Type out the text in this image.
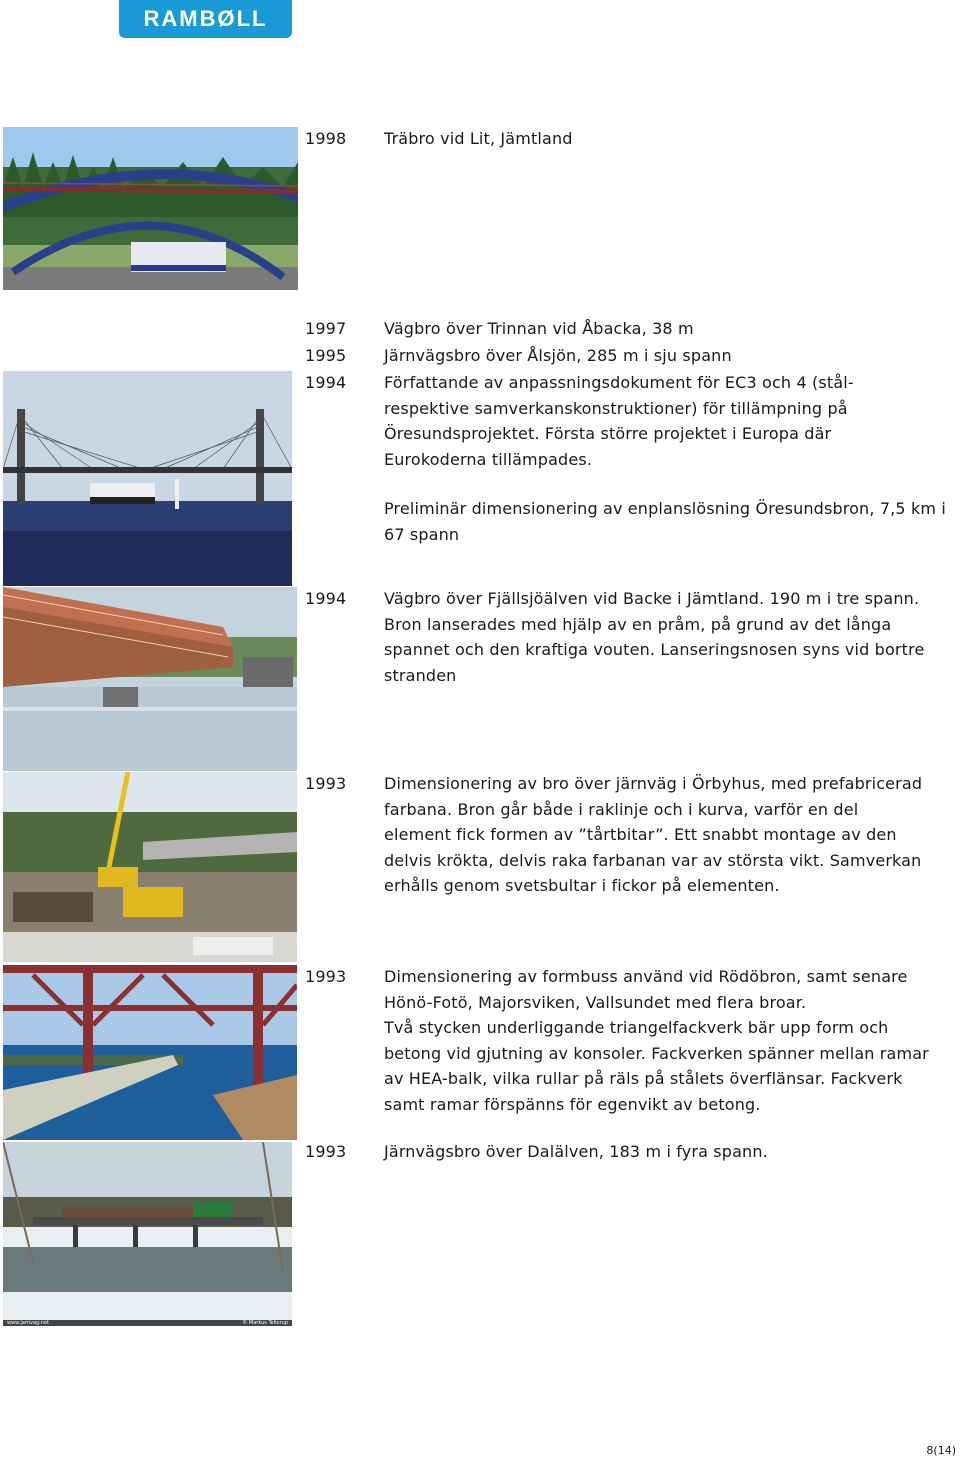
RAMBØLL
www.jarnvag.net	© Markus Tellerup
1998	Träbro vid Lit, Jämtland
1997	Vägbro över Trinnan vid Åbacka, 38 m
1995	Järnvägsbro över Ålsjön, 285 m i sju spann
1994	Författande av anpassningsdokument för EC3 och 4 (stål- respektive samverkanskonstruktioner) för tillämpning på Öresundsprojektet. Första större projektet i Europa där Eurokoderna tillämpades.
Preliminär dimensionering av enplanslösning Öresundsbron, 7,5 km i 67 spann
1994	Vägbro över Fjällsjöälven vid Backe i Jämtland. 190 m i tre spann. Bron lanserades med hjälp av en pråm, på grund av det långa spannet och den kraftiga vouten. Lanseringsnosen syns vid bortre stranden
1993	Dimensionering av bro över järnväg i Örbyhus, med prefabricerad farbana. Bron går både i raklinje och i kurva, varför en del element fick formen av ”tårtbitar”. Ett snabbt montage av den delvis krökta, delvis raka farbanan var av största vikt. Samverkan erhålls genom svetsbultar i fickor på elementen.
1993	Dimensionering av formbuss använd vid Rödöbron, samt senare Hönö-Fotö, Majorsviken, Vallsundet med flera broar.
Två stycken underliggande triangelfackverk bär upp form och betong vid gjutning av konsoler. Fackverken spänner mellan ramar av HEA-balk, vilka rullar på räls på stålets överflänsar. Fackverk samt ramar förspänns för egenvikt av betong.
1993	Järnvägsbro över Dalälven, 183 m i fyra spann.
8(14)
